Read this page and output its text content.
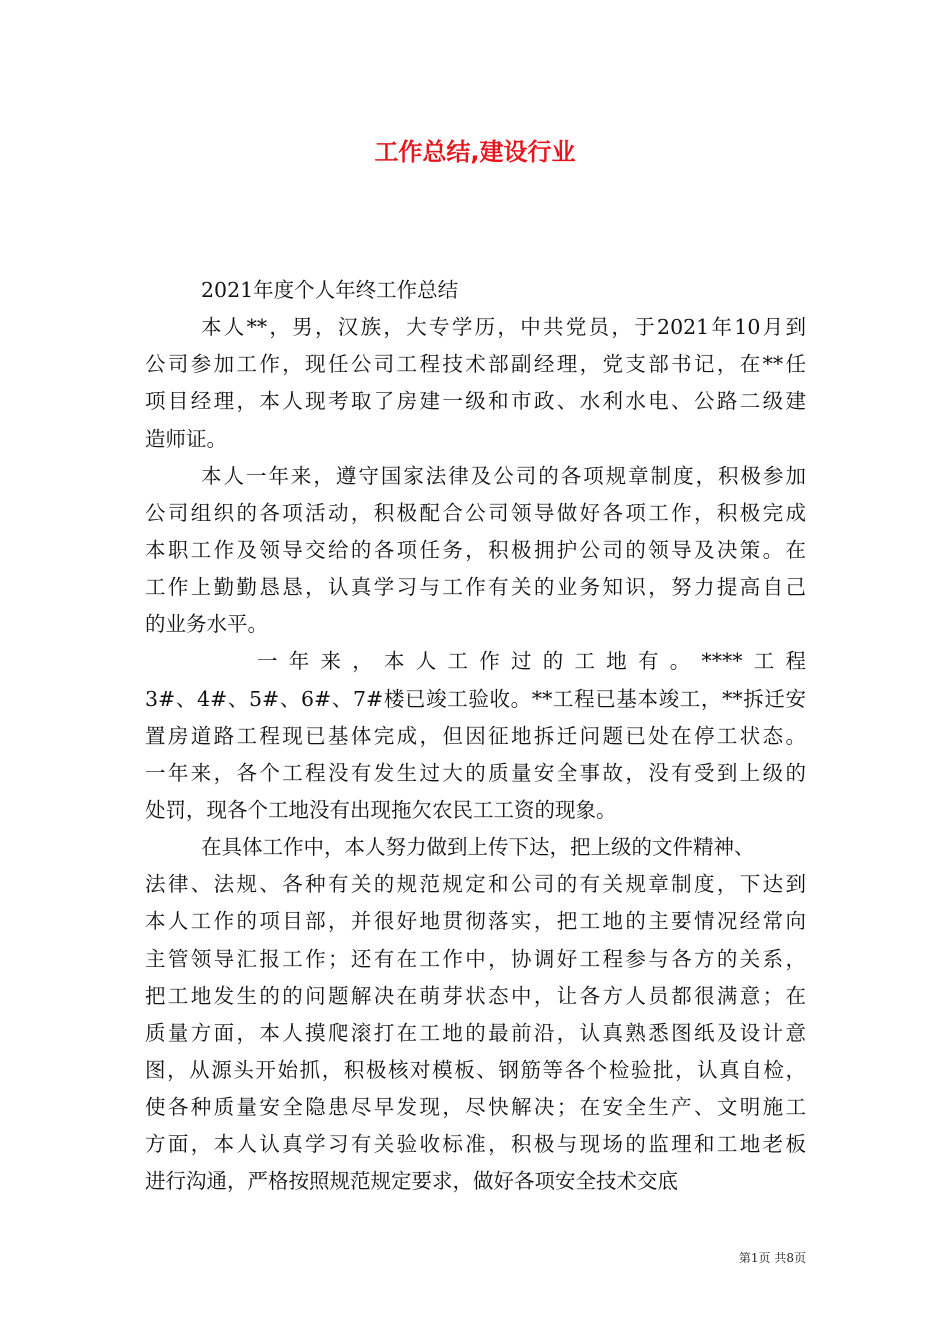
工作总结,建设行业
2021年度个人年终工作总结
本人**，男，汉族，大专学历，中共党员，于2021年10月到
公司参加工作，现任公司工程技术部副经理，党支部书记，在**任
项目经理，本人现考取了房建一级和市政、水利水电、公路二级建
造师证。
本人一年来，遵守国家法律及公司的各项规章制度，积极参加
公司组织的各项活动，积极配合公司领导做好各项工作，积极完成
本职工作及领导交给的各项任务，积极拥护公司的领导及决策。在
工作上勤勤恳恳，认真学习与工作有关的业务知识，努力提高自己
的业务水平。
一年来，本人工作过的工地有。****工程
3#、4#、5#、6#、7#楼已竣工验收。**工程已基本竣工，**拆迁安
置房道路工程现已基体完成，但因征地拆迁问题已处在停工状态。
一年来，各个工程没有发生过大的质量安全事故，没有受到上级的
处罚，现各个工地没有出现拖欠农民工工资的现象。
在具体工作中，本人努力做到上传下达，把上级的文件精神、
法律、法规、各种有关的规范规定和公司的有关规章制度，下达到
本人工作的项目部，并很好地贯彻落实，把工地的主要情况经常向
主管领导汇报工作；还有在工作中，协调好工程参与各方的关系，
把工地发生的的问题解决在萌芽状态中，让各方人员都很满意；在
质量方面，本人摸爬滚打在工地的最前沿，认真熟悉图纸及设计意
图，从源头开始抓，积极核对模板、钢筋等各个检验批，认真自检，
使各种质量安全隐患尽早发现，尽快解决；在安全生产、文明施工
方面，本人认真学习有关验收标准，积极与现场的监理和工地老板
进行沟通，严格按照规范规定要求，做好各项安全技术交底
第1页 共8页
